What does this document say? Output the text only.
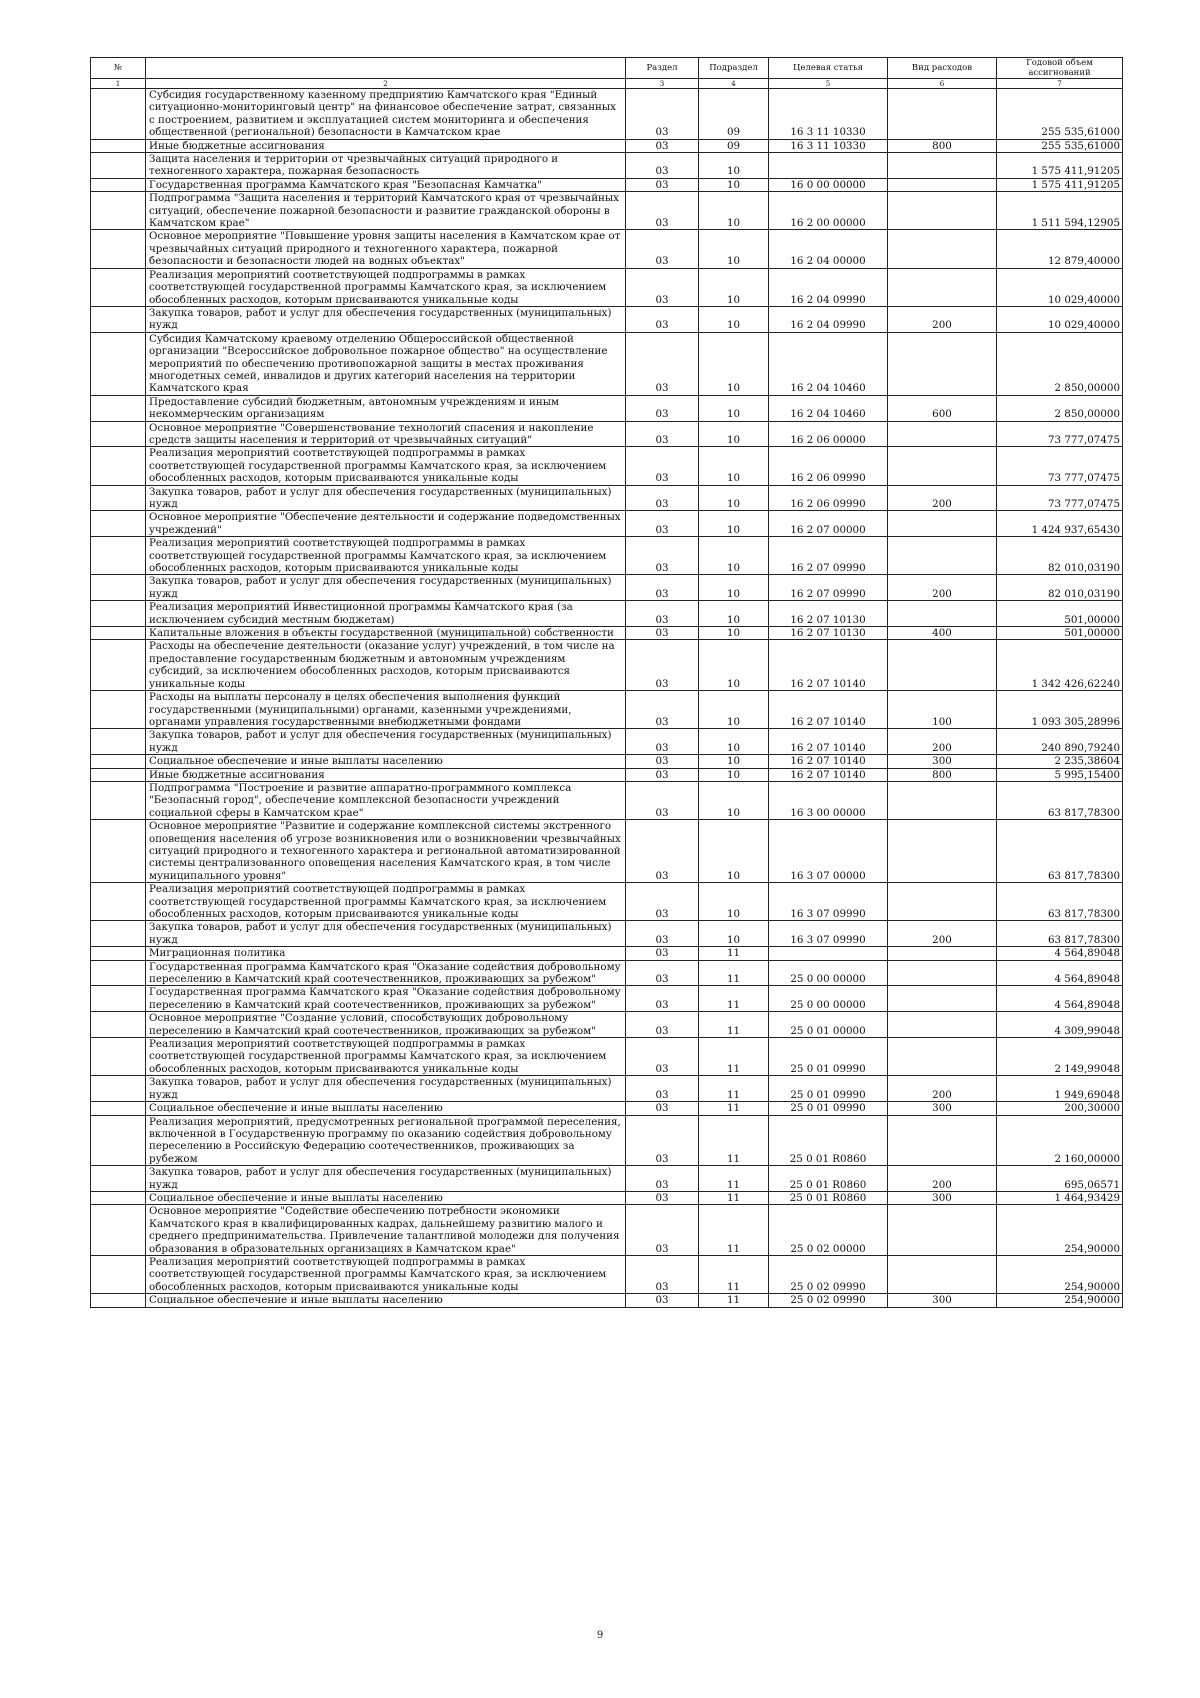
№		Раздел	Подраздел	Целевая статья	Вид расходов	Годовой объем ассигнований
1	2	3	4	5	6	7
	Субсидия государственному казенному предприятию Камчатского края "Единый ситуационно-мониторинговый центр" на финансовое обеспечение затрат, связанных с построением, развитием и эксплуатацией систем мониторинга и обеспечения общественной (региональной) безопасности в Камчатском крае	03	09	16 3 11 10330		255 535,61000
	Иные бюджетные ассигнования	03	09	16 3 11 10330	800	255 535,61000
	Защита населения и территории от чрезвычайных ситуаций природного и техногенного характера, пожарная безопасность	03	10			1 575 411,91205
	Государственная программа Камчатского края "Безопасная Камчатка"	03	10	16 0 00 00000		1 575 411,91205
	Подпрограмма "Защита населения и территорий Камчатского края от чрезвычайных ситуаций, обеспечение пожарной безопасности и развитие гражданской обороны в Камчатском крае"	03	10	16 2 00 00000		1 511 594,12905
	Основное мероприятие "Повышение уровня защиты населения в Камчатском крае от чрезвычайных ситуаций природного и техногенного характера, пожарной безопасности и безопасности людей на водных объектах"	03	10	16 2 04 00000		12 879,40000
	Реализация мероприятий соответствующей подпрограммы в рамках соответствующей государственной программы Камчатского края, за исключением обособленных расходов, которым присваиваются уникальные коды	03	10	16 2 04 09990		10 029,40000
	Закупка товаров, работ и услуг для обеспечения государственных (муниципальных) нужд	03	10	16 2 04 09990	200	10 029,40000
	Субсидия Камчатскому краевому отделению Общероссийской общественной организации "Всероссийское добровольное пожарное общество" на осуществление мероприятий по обеспечению противопожарной защиты в местах проживания многодетных семей, инвалидов и других категорий населения на территории Камчатского края	03	10	16 2 04 10460		2 850,00000
	Предоставление субсидий бюджетным, автономным учреждениям и иным некоммерческим организациям	03	10	16 2 04 10460	600	2 850,00000
	Основное мероприятие "Совершенствование технологий спасения и накопление средств защиты населения и территорий от чрезвычайных ситуаций"	03	10	16 2 06 00000		73 777,07475
	Реализация мероприятий соответствующей подпрограммы в рамках соответствующей государственной программы Камчатского края, за исключением обособленных расходов, которым присваиваются уникальные коды	03	10	16 2 06 09990		73 777,07475
	Закупка товаров, работ и услуг для обеспечения государственных (муниципальных) нужд	03	10	16 2 06 09990	200	73 777,07475
	Основное мероприятие "Обеспечение деятельности и содержание подведомственных учреждений"	03	10	16 2 07 00000		1 424 937,65430
	Реализация мероприятий соответствующей подпрограммы в рамках соответствующей государственной программы Камчатского края, за исключением обособленных расходов, которым присваиваются уникальные коды	03	10	16 2 07 09990		82 010,03190
	Закупка товаров, работ и услуг для обеспечения государственных (муниципальных) нужд	03	10	16 2 07 09990	200	82 010,03190
	Реализация мероприятий Инвестиционной программы Камчатского края (за исключением субсидий местным бюджетам)	03	10	16 2 07 10130		501,00000
	Капитальные вложения в объекты государственной (муниципальной) собственности	03	10	16 2 07 10130	400	501,00000
	Расходы на обеспечение деятельности (оказание услуг) учреждений, в том числе на предоставление государственным бюджетным и автономным учреждениям субсидий, за исключением обособленных расходов, которым присваиваются уникальные коды	03	10	16 2 07 10140		1 342 426,62240
	Расходы на выплаты персоналу в целях обеспечения выполнения функций государственными (муниципальными) органами, казенными учреждениями, органами управления государственными внебюджетными фондами	03	10	16 2 07 10140	100	1 093 305,28996
	Закупка товаров, работ и услуг для обеспечения государственных (муниципальных) нужд	03	10	16 2 07 10140	200	240 890,79240
	Социальное обеспечение и иные выплаты населению	03	10	16 2 07 10140	300	2 235,38604
	Иные бюджетные ассигнования	03	10	16 2 07 10140	800	5 995,15400
	Подпрограмма "Построение и развитие аппаратно-программного комплекса "Безопасный город", обеспечение комплексной безопасности учреждений социальной сферы в Камчатском крае"	03	10	16 3 00 00000		63 817,78300
	Основное мероприятие "Развитие и содержание комплексной системы экстренного оповещения населения об угрозе возникновения или о возникновении чрезвычайных ситуаций природного и техногенного характера и региональной автоматизированной системы централизованного оповещения населения Камчатского края, в том числе муниципального уровня"	03	10	16 3 07 00000		63 817,78300
	Реализация мероприятий соответствующей подпрограммы в рамках соответствующей государственной программы Камчатского края, за исключением обособленных расходов, которым присваиваются уникальные коды	03	10	16 3 07 09990		63 817,78300
	Закупка товаров, работ и услуг для обеспечения государственных (муниципальных) нужд	03	10	16 3 07 09990	200	63 817,78300
	Миграционная политика	03	11			4 564,89048
	Государственная программа Камчатского края "Оказание содействия добровольному переселению в Камчатский край соотечественников, проживающих за рубежом"	03	11	25 0 00 00000		4 564,89048
	Государственная программа Камчатского края "Оказание содействия добровольному переселению в Камчатский край соотечественников, проживающих за рубежом"	03	11	25 0 00 00000		4 564,89048
	Основное мероприятие "Создание условий, способствующих добровольному переселению в Камчатский край соотечественников, проживающих за рубежом"	03	11	25 0 01 00000		4 309,99048
	Реализация мероприятий соответствующей подпрограммы в рамках соответствующей государственной программы Камчатского края, за исключением обособленных расходов, которым присваиваются уникальные коды	03	11	25 0 01 09990		2 149,99048
	Закупка товаров, работ и услуг для обеспечения государственных (муниципальных) нужд	03	11	25 0 01 09990	200	1 949,69048
	Социальное обеспечение и иные выплаты населению	03	11	25 0 01 09990	300	200,30000
	Реализация мероприятий, предусмотренных региональной программой переселения, включенной в Государственную программу по оказанию содействия добровольному переселению в Российскую Федерацию соотечественников, проживающих за рубежом	03	11	25 0 01 R0860		2 160,00000
	Закупка товаров, работ и услуг для обеспечения государственных (муниципальных) нужд	03	11	25 0 01 R0860	200	695,06571
	Социальное обеспечение и иные выплаты населению	03	11	25 0 01 R0860	300	1 464,93429
	Основное мероприятие "Содействие обеспечению потребности экономики Камчатского края в квалифицированных кадрах, дальнейшему развитию малого и среднего предпринимательства. Привлечение талантливой молодежи для получения образования в образовательных организациях в Камчатском крае"	03	11	25 0 02 00000		254,90000
	Реализация мероприятий соответствующей подпрограммы в рамках соответствующей государственной программы Камчатского края, за исключением обособленных расходов, которым присваиваются уникальные коды	03	11	25 0 02 09990		254,90000
	Социальное обеспечение и иные выплаты населению	03	11	25 0 02 09990	300	254,90000
9
